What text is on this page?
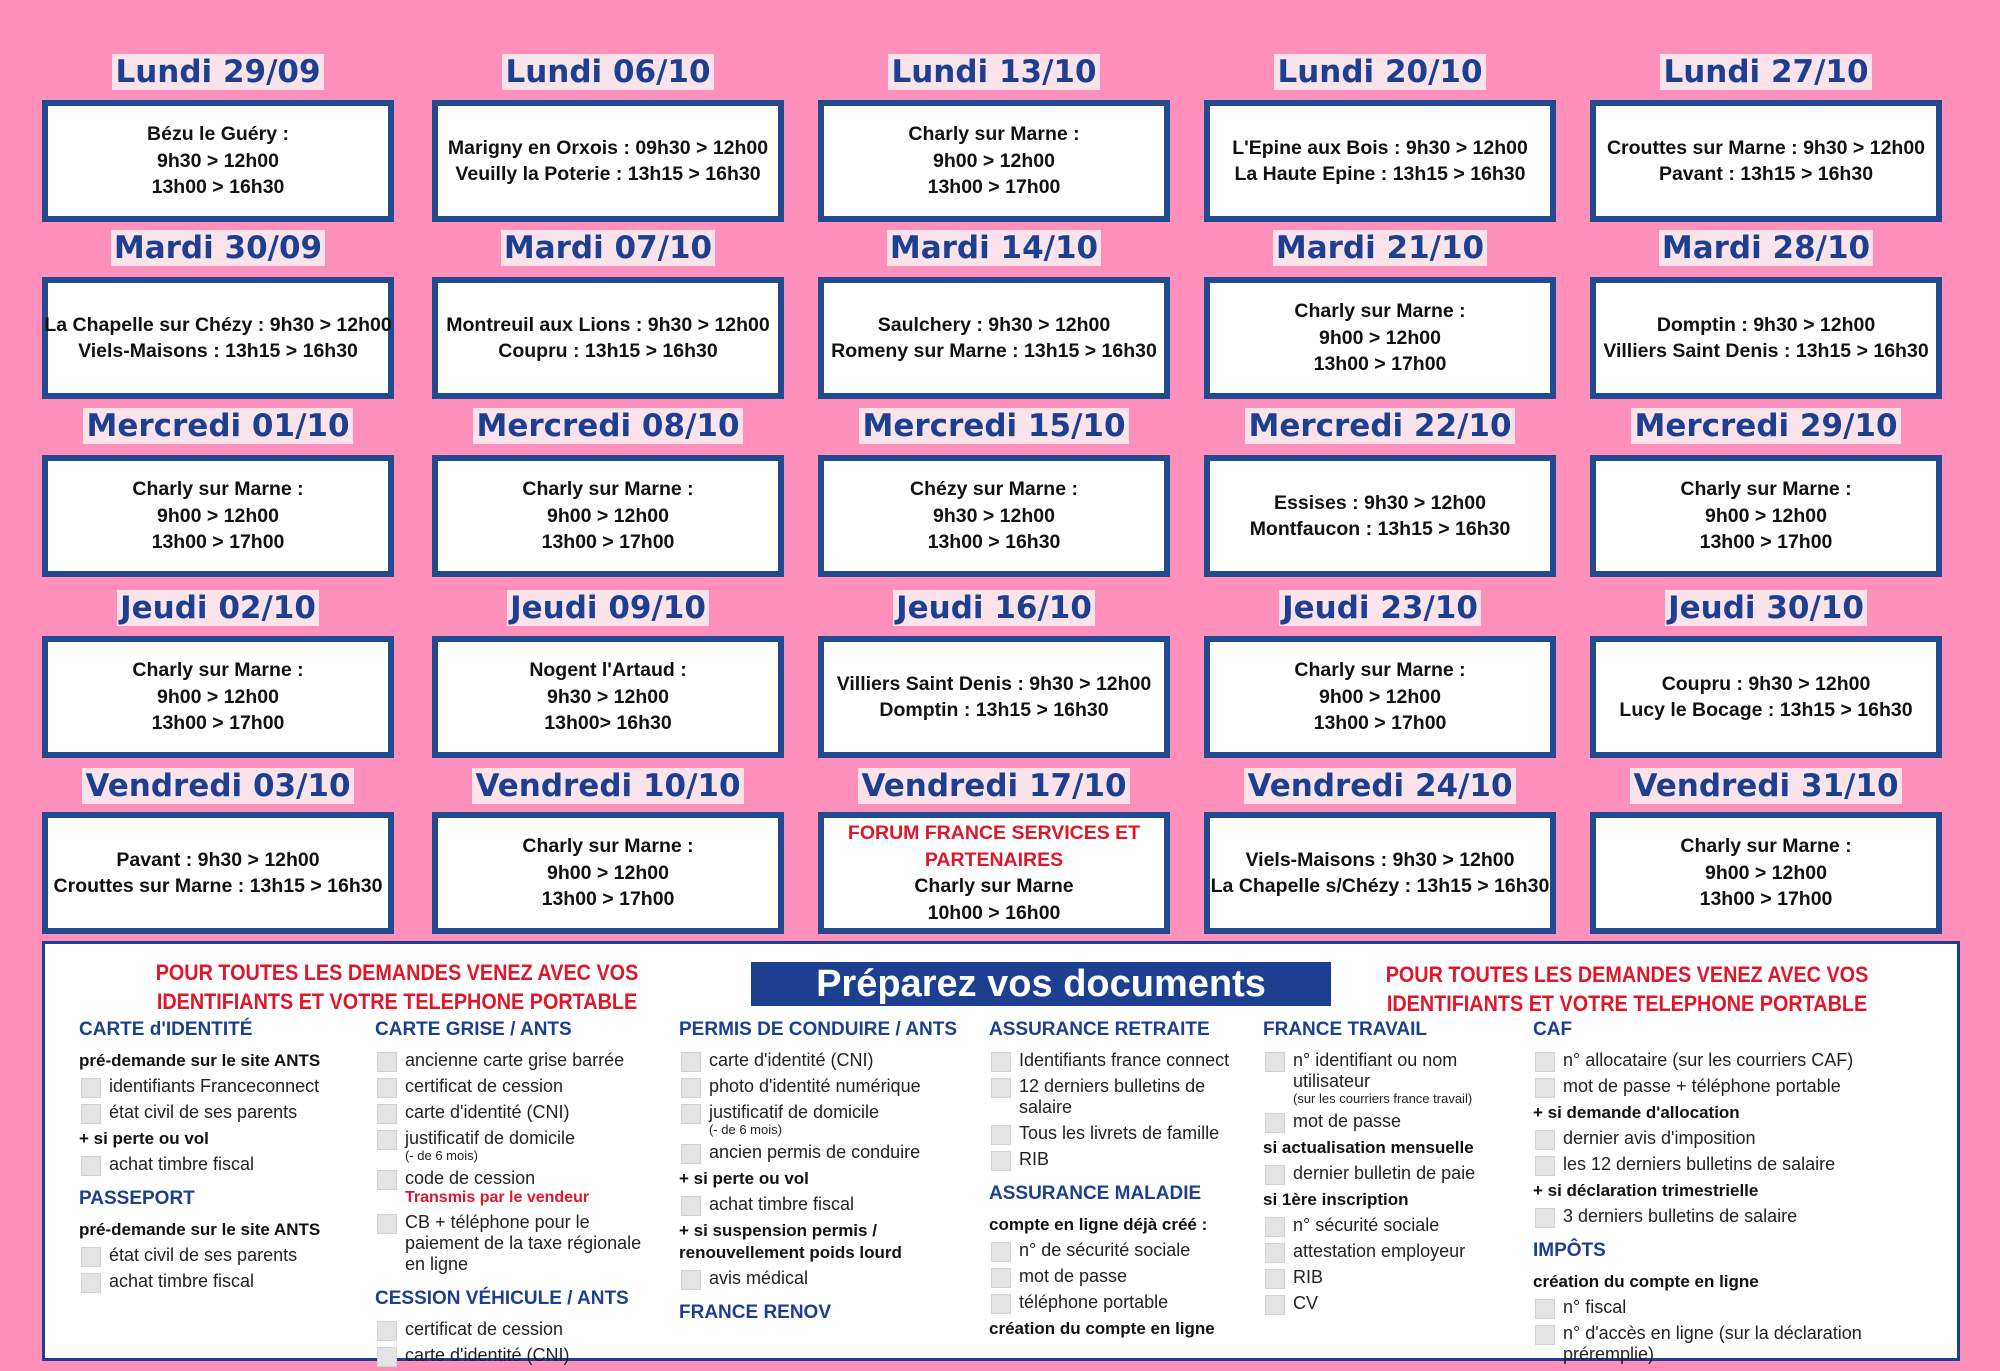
Lundi 29/09
Bézu le Guéry :
9h30 > 12h00
13h00 > 16h30
Lundi 06/10
Marigny en Orxois : 09h30 > 12h00
Veuilly la Poterie : 13h15 > 16h30
Lundi 13/10
Charly sur Marne :
9h00 > 12h00
13h00 > 17h00
Lundi 20/10
L'Epine aux Bois : 9h30 > 12h00
La Haute Epine : 13h15 > 16h30
Lundi 27/10
Crouttes sur Marne : 9h30 > 12h00
Pavant : 13h15 > 16h30
Mardi 30/09
La Chapelle sur Chézy : 9h30 > 12h00
Viels-Maisons : 13h15 > 16h30
Mardi 07/10
Montreuil aux Lions : 9h30 > 12h00
Coupru : 13h15 > 16h30
Mardi 14/10
Saulchery : 9h30 > 12h00
Romeny sur Marne : 13h15 > 16h30
Mardi 21/10
Charly sur Marne :
9h00 > 12h00
13h00 > 17h00
Mardi 28/10
Domptin : 9h30 > 12h00
Villiers Saint Denis : 13h15 > 16h30
Mercredi 01/10
Charly sur Marne :
9h00 > 12h00
13h00 > 17h00
Mercredi 08/10
Charly sur Marne :
9h00 > 12h00
13h00 > 17h00
Mercredi 15/10
Chézy sur Marne :
9h30 > 12h00
13h00 > 16h30
Mercredi 22/10
Essises : 9h30 > 12h00
Montfaucon : 13h15 > 16h30
Mercredi 29/10
Charly sur Marne :
9h00 > 12h00
13h00 > 17h00
Jeudi 02/10
Charly sur Marne :
9h00 > 12h00
13h00 > 17h00
Jeudi 09/10
Nogent l'Artaud :
9h30 > 12h00
13h00> 16h30
Jeudi 16/10
Villiers Saint Denis : 9h30 > 12h00
Domptin : 13h15 > 16h30
Jeudi 23/10
Charly sur Marne :
9h00 > 12h00
13h00 > 17h00
Jeudi 30/10
Coupru : 9h30 > 12h00
Lucy le Bocage : 13h15 > 16h30
Vendredi 03/10
Pavant : 9h30 > 12h00
Crouttes sur Marne : 13h15 > 16h30
Vendredi 10/10
Charly sur Marne :
9h00 > 12h00
13h00 > 17h00
Vendredi 17/10
FORUM FRANCE SERVICES ET
PARTENAIRES
Charly sur Marne
10h00 > 16h00
Vendredi 24/10
Viels-Maisons : 9h30 > 12h00
La Chapelle s/Chézy : 13h15 > 16h30
Vendredi 31/10
Charly sur Marne :
9h00 > 12h00
13h00 > 17h00
POUR TOUTES LES DEMANDES VENEZ AVEC VOS IDENTIFIANTS ET VOTRE TELEPHONE PORTABLE	Préparez vos documents	POUR TOUTES LES DEMANDES VENEZ AVEC VOS IDENTIFIANTS ET VOTRE TELEPHONE PORTABLE
CARTE d'IDENTITÉ
pré-demande sur le site ANTS
identifiants Franceconnect
état civil de ses parents
+ si perte ou vol
achat timbre fiscal
PASSEPORT
pré-demande sur le site ANTS
état civil de ses parents
achat timbre fiscal
CARTE GRISE / ANTS
ancienne carte grise barrée
certificat de cession
carte d'identité (CNI)
justificatif de domicile
(- de 6 mois)
code de cession
Transmis par le vendeur
CB + téléphone pour le paiement de la taxe régionale en ligne
CESSION VÉHICULE / ANTS
certificat de cession
carte d'identité (CNI)
PERMIS DE CONDUIRE / ANTS
carte d'identité (CNI)
photo d'identité numérique
justificatif de domicile
(- de 6 mois)
ancien permis de conduire
+ si perte ou vol
achat timbre fiscal
+ si suspension permis / renouvellement poids lourd
avis médical
FRANCE RENOV
ASSURANCE RETRAITE
Identifiants france connect
12 derniers bulletins de salaire
Tous les livrets de famille
RIB
ASSURANCE MALADIE
compte en ligne déjà créé :
n° de sécurité sociale
mot de passe
téléphone portable
création du compte en ligne
FRANCE TRAVAIL
n° identifiant ou nom utilisateur
(sur les courriers france travail)
mot de passe
si actualisation mensuelle
dernier bulletin de paie
si 1ère inscription
n° sécurité sociale
attestation employeur
RIB
CV
CAF
n° allocataire (sur les courriers CAF)
mot de passe + téléphone portable
+ si demande d'allocation
dernier avis d'imposition
les 12 derniers bulletins de salaire
+ si déclaration trimestrielle
3 derniers bulletins de salaire
IMPÔTS
création du compte en ligne
n° fiscal
n° d'accès en ligne (sur la déclaration préremplie)
